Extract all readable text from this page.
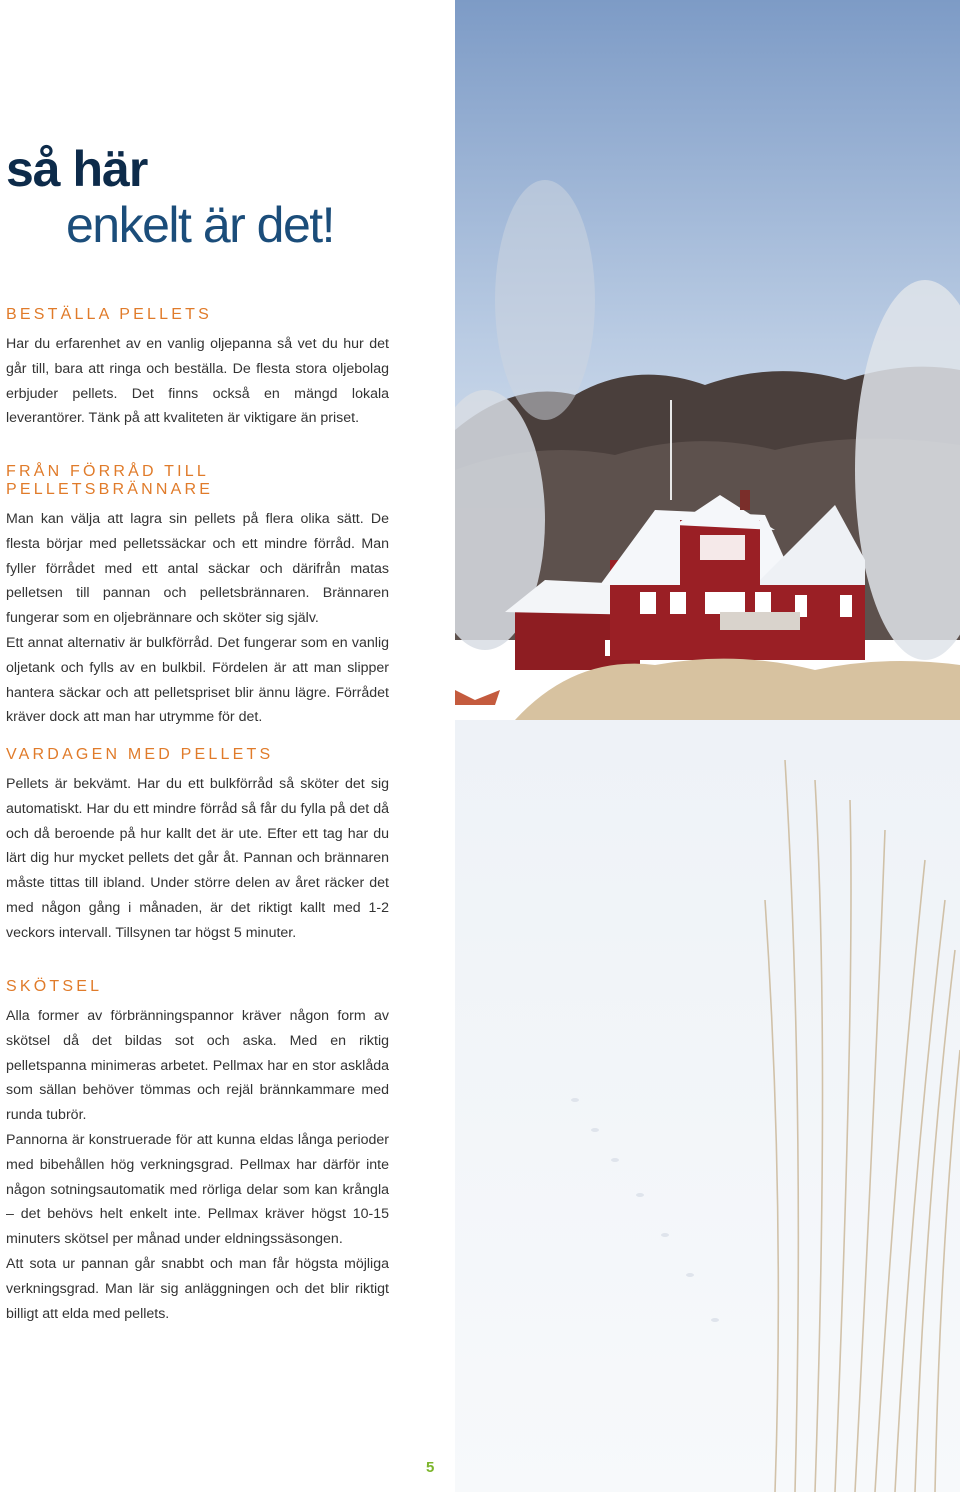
så här
enkelt är det!
BESTÄLLA PELLETS

Har du erfarenhet av en vanlig oljepanna så vet du hur det går till, bara att ringa och beställa. De flesta stora oljebolag erbjuder pellets. Det finns också en mängd lokala leverantörer. Tänk på att kvaliteten är viktigare än priset.

FRÅN FÖRRÅD TILL PELLETSBRÄNNARE

Man kan välja att lagra sin pellets på flera olika sätt. De flesta börjar med pelletssäckar och ett mindre förråd. Man fyller förrådet med ett antal säckar och därifrån matas pelletsen till pannan och pelletsbrännaren. Brännaren fungerar som en oljebrännare och sköter sig själv.

Ett annat alternativ är bulkförråd. Det fungerar som en vanlig oljetank och fylls av en bulkbil. Fördelen är att man slipper hantera säckar och att pelletspriset blir ännu lägre. Förrådet kräver dock att man har utrymme för det.

VARDAGEN MED PELLETS

Pellets är bekvämt. Har du ett bulkförråd så sköter det sig automatiskt. Har du ett mindre förråd så får du fylla på det då och då beroende på hur kallt det är ute. Efter ett tag har du lärt dig hur mycket pellets det går åt. Pannan och brännaren måste tittas till ibland. Under större delen av året räcker det med någon gång i månaden, är det riktigt kallt med 1-2 veckors intervall. Tillsynen tar högst 5 minuter.

SKÖTSEL

Alla former av förbränningspannor kräver någon form av skötsel då det bildas sot och aska. Med en riktig pelletspanna minimeras arbetet. Pellmax har en stor asklåda som sällan behöver tömmas och rejäl brännkammare med runda tubrör.

Pannorna är konstruerade för att kunna eldas långa perioder med bibehållen hög verkningsgrad. Pellmax har därför inte någon sotningsautomatik med rörliga delar som kan krångla – det behövs helt enkelt inte. Pellmax kräver högst 10-15 minuters skötsel per månad under eldningssäsongen.

Att sota ur pannan går snabbt och man får högsta möjliga verkningsgrad. Man lär sig anläggningen och det blir riktigt billigt att elda med pellets.

5
